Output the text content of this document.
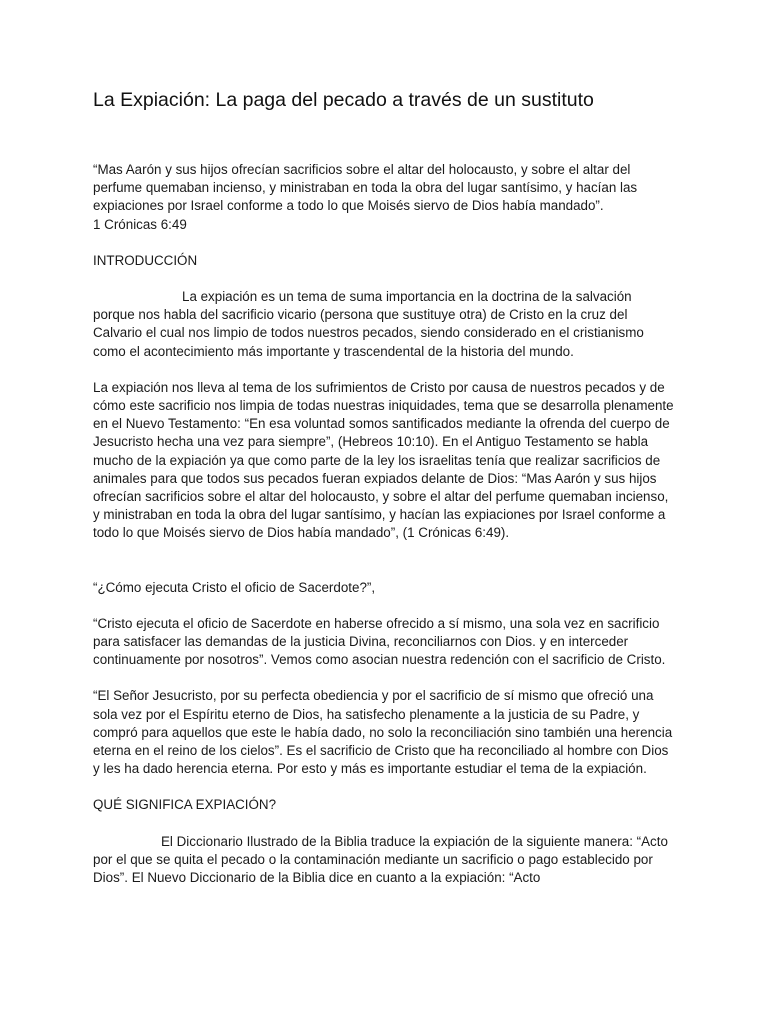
La Expiación: La paga del pecado a través de un sustituto

“Mas Aarón y sus hijos ofrecían sacrificios sobre el altar del holocausto, y sobre el altar del perfume quemaban incienso, y ministraban en toda la obra del lugar santísimo, y hacían las expiaciones por Israel conforme a todo lo que Moisés siervo de Dios había mandado”.
1 Crónicas 6:49

INTRODUCCIÓN

La expiación es un tema de suma importancia en la doctrina de la salvación porque nos habla del sacrificio vicario (persona que sustituye otra) de Cristo en la cruz del Calvario el cual nos limpio de todos nuestros pecados, siendo considerado en el cristianismo como el acontecimiento más importante y trascendental de la historia del mundo.

La expiación nos lleva al tema de los sufrimientos de Cristo por causa de nuestros pecados y de cómo este sacrificio nos limpia de todas nuestras iniquidades, tema que se desarrolla plenamente en el Nuevo Testamento: “En esa voluntad somos santificados mediante la ofrenda del cuerpo de Jesucristo hecha una vez para siempre”, (Hebreos 10:10). En el Antiguo Testamento se habla mucho de la expiación ya que como parte de la ley los israelitas tenía que realizar sacrificios de animales para que todos sus pecados fueran expiados delante de Dios: “Mas Aarón y sus hijos ofrecían sacrificios sobre el altar del holocausto, y sobre el altar del perfume quemaban incienso, y ministraban en toda la obra del lugar santísimo, y hacían las expiaciones por Israel conforme a todo lo que Moisés siervo de Dios había mandado”, (1 Crónicas 6:49).

“¿Cómo ejecuta Cristo el oficio de Sacerdote?”,

“Cristo ejecuta el oficio de Sacerdote en haberse ofrecido a sí mismo, una sola vez en sacrificio para satisfacer las demandas de la justicia Divina, reconciliarnos con Dios. y en interceder continuamente por nosotros”. Vemos como asocian nuestra redención con el sacrificio de Cristo.

“El Señor Jesucristo, por su perfecta obediencia y por el sacrificio de sí mismo que ofreció una sola vez por el Espíritu eterno de Dios, ha satisfecho plenamente a la justicia de su Padre, y compró para aquellos que este le había dado, no solo la reconciliación sino también una herencia eterna en el reino de los cielos”. Es el sacrificio de Cristo que ha reconciliado al hombre con Dios y les ha dado herencia eterna. Por esto y más es importante estudiar el tema de la expiación.

QUÉ SIGNIFICA EXPIACIÓN?

El Diccionario Ilustrado de la Biblia traduce la expiación de la siguiente manera: “Acto por el que se quita el pecado o la contaminación mediante un sacrificio o pago establecido por Dios”. El Nuevo Diccionario de la Biblia dice en cuanto a la expiación: “Acto
